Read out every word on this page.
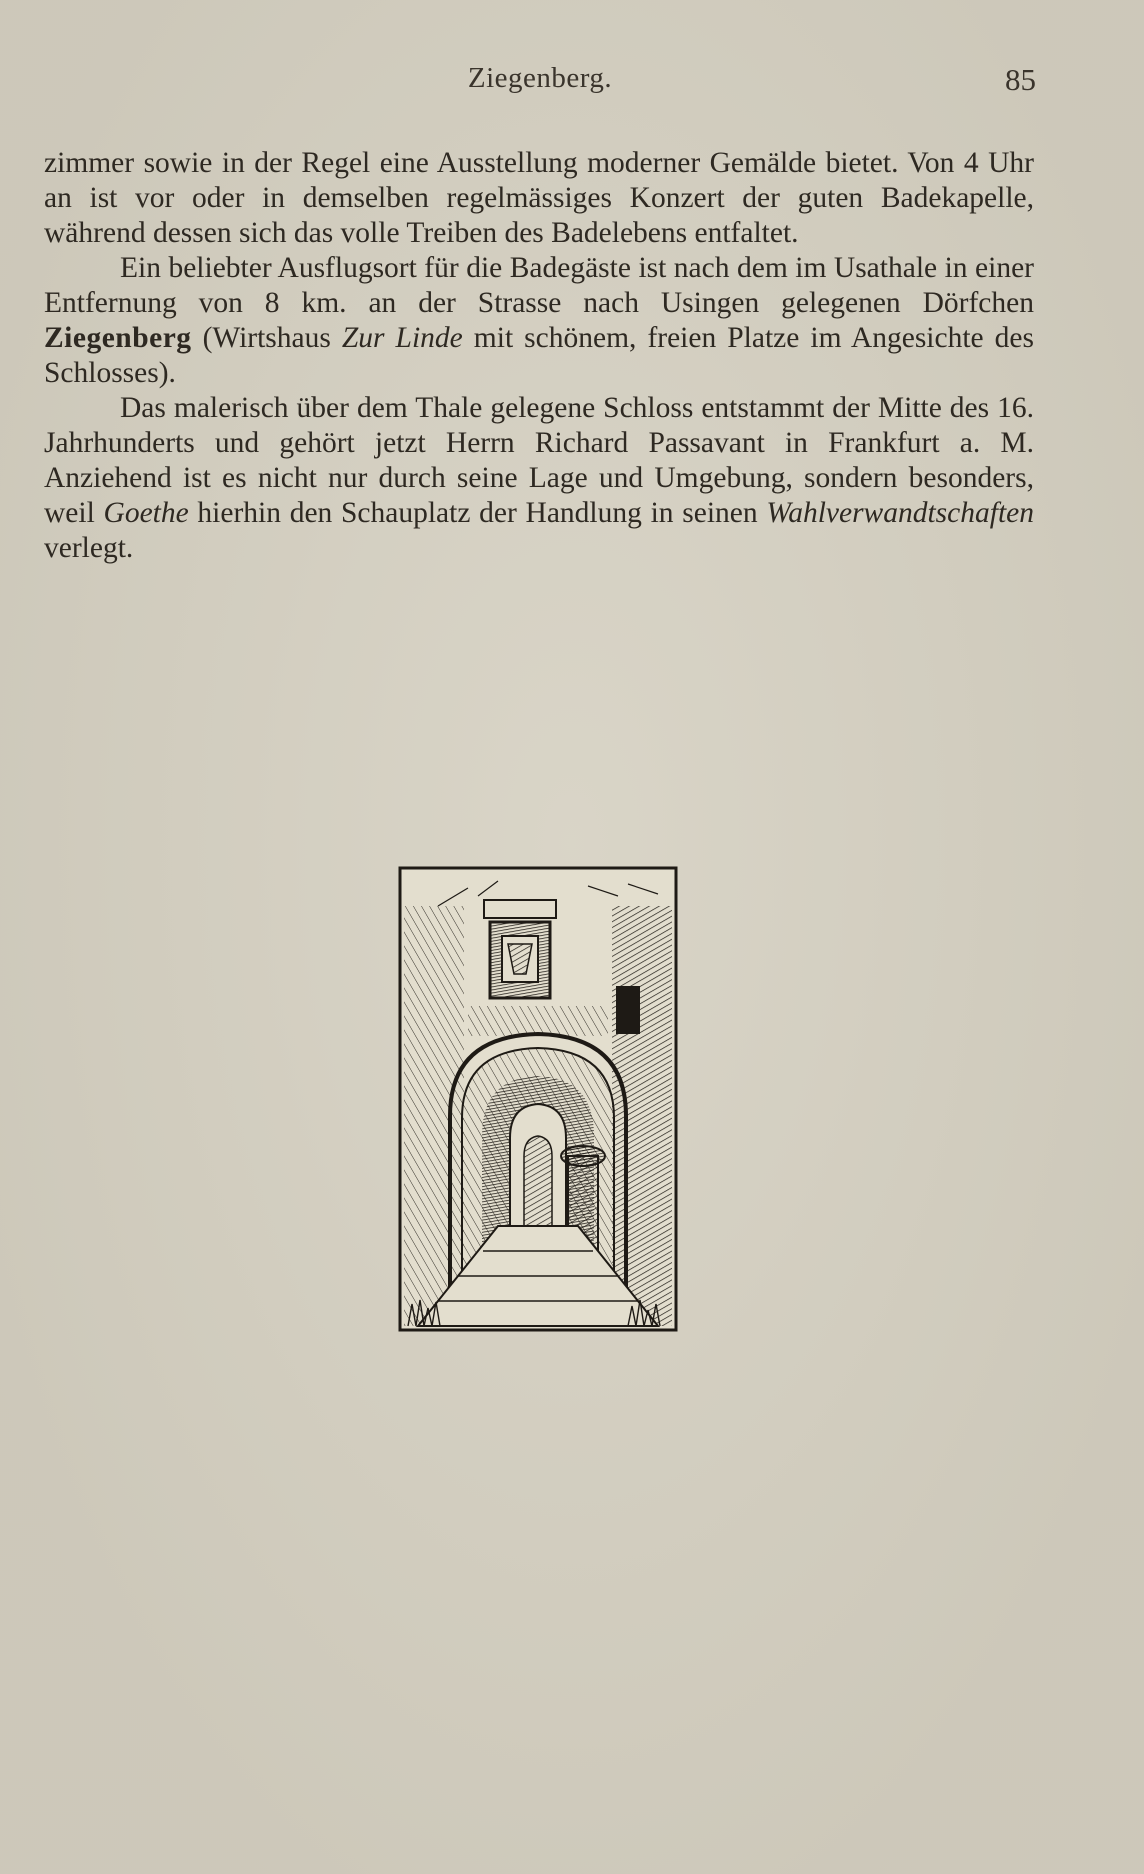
Ziegenberg.	85

zimmer sowie in der Regel eine Ausstellung moderner Gemälde bietet. Von 4 Uhr an ist vor oder in demselben regelmässiges Konzert der guten Badekapelle, während dessen sich das volle Treiben des Badelebens entfaltet.

Ein beliebter Ausflugsort für die Badegäste ist nach dem im Usathale in einer Entfernung von 8 km. an der Strasse nach Usingen gelegenen Dörfchen Ziegenberg (Wirtshaus Zur Linde mit schönem, freien Platze im Angesichte des Schlosses).

Das malerisch über dem Thale gelegene Schloss entstammt der Mitte des 16. Jahrhunderts und gehört jetzt Herrn Richard Passavant in Frankfurt a. M. Anziehend ist es nicht nur durch seine Lage und Umgebung, sondern besonders, weil Goethe hierhin den Schauplatz der Handlung in seinen Wahlverwandtschaften verlegt.
